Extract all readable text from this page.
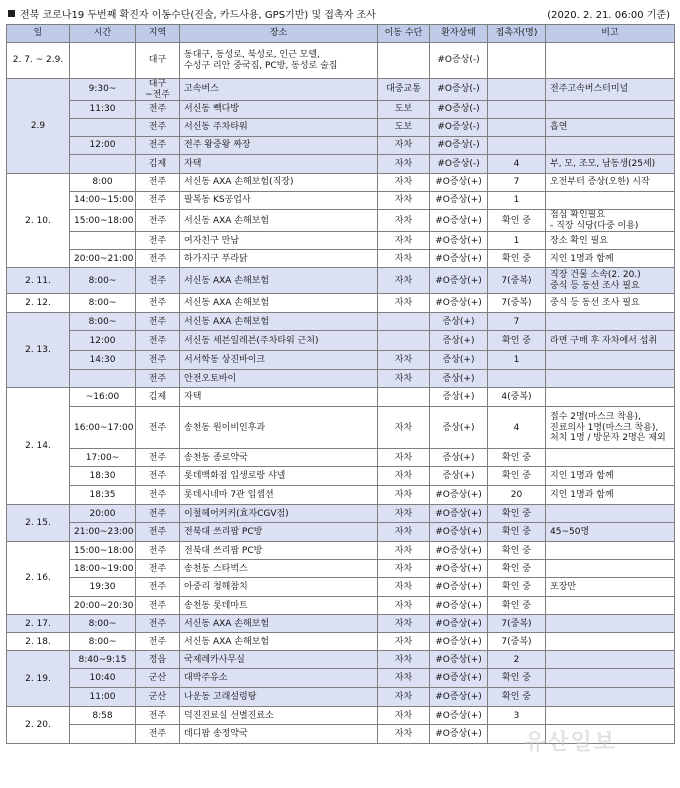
전북 코로나19 두번째 확진자 이동수단(진술, 카드사용, GPS기반) 및 접촉자 조사	(2020. 2. 21. 06:00 기준)
일	시간	지역	장소	이동 수단	환자상태	접촉자(명)	비고
2. 7. ~ 2.9.		대구	동대구, 동성로, 북성로, 인근 모텔,
수성구 리안 중국집, PC방, 동성로 술집		#O증상(-)		
2.9	9:30~	대구
~전주	고속버스	대중교통	#O증상(-)		전주고속버스터미널
	11:30	전주	서신동 빽다방	도보	#O증상(-)		
		전주	서신동 주차타워	도보	#O증상(-)		흡연
	12:00	전주	전주 왕중왕 짜장	자차	#O증상(-)		
		김제	자택	자차	#O증상(-)	4	부, 모, 조모, 남동생(25세)
2. 10.	8:00	전주	서신동 AXA 손해보험(직장)	자차	#O증상(+)	7	오전부터 증상(오한) 시작
	14:00~15:00	전주	팔복동 KS공업사	자차	#O증상(+)	1	
	15:00~18:00	전주	서신동 AXA 손해보험	자차	#O증상(+)	확인 중	점심 확인필요
- 직장 식당(다중 이용)
		전주	여자친구 만남	자차	#O증상(+)	1	장소 확인 필요
	20:00~21:00	전주	하가지구 푸라닭	자차	#O증상(+)	확인 중	지인 1명과 함께
2. 11.	8:00~	전주	서신동 AXA 손해보험	자차	#O증상(+)	7(중복)	직장 건물 소속(2. 20.)
중식 등 동선 조사 필요
2. 12.	8:00~	전주	서신동 AXA 손해보험	자차	#O증상(+)	7(중복)	중식 등 동선 조사 필요
2. 13.	8:00~	전주	서신동 AXA 손해보험		증상(+)	7	
	12:00	전주	서신동 세븐일레븐(주차타워 근처)		증상(+)	확인 중	라면 구매 후 자차에서 섭취
	14:30	전주	서서학동 상진바이크	자차	증상(+)	1	
		전주	안전오토바이	자차	증상(+)		
2. 14.	~16:00	김제	자택		증상(+)	4(중복)	
	16:00~17:00	전주	송천동 원이비인후과	자차	증상(+)	4	접수 2명(마스크 착용),
진료의사 1명(마스크 착용),
처치 1명 / 방문자 2명은 제외
	17:00~	전주	송천동 종로약국	자차	증상(+)	확인 중	
	18:30	전주	롯데백화점 입생로랑 샤넬	자차	증상(+)	확인 중	지인 1명과 함께
	18:35	전주	롯데시네마 7관 입셉션	자차	#O증상(+)	20	지인 1명과 함께
2. 15.	20:00	전주	이철헤어커커(효자CGV점)	자차	#O증상(+)	확인 중	
	21:00~23:00	전주	전북대 쓰리팝 PC방	자차	#O증상(+)	확인 중	45~50명
2. 16.	15:00~18:00	전주	전북대 쓰리팝 PC방	자차	#O증상(+)	확인 중	
	18:00~19:00	전주	송천동 스타벅스	자차	#O증상(+)	확인 중	
	19:30	전주	아중리 청해참치	자차	#O증상(+)	확인 중	포장만
	20:00~20:30	전주	송천동 롯데마트	자차	#O증상(+)	확인 중	
2. 17.	8:00~	전주	서신동 AXA 손해보험	자차	#O증상(+)	7(중복)	
2. 18.	8:00~	전주	서신동 AXA 손해보험	자차	#O증상(+)	7(중복)	
2. 19.	8:40~9:15	정읍	국제레카사무실	자차	#O증상(+)	2	
	10:40	군산	대박주유소	자차	#O증상(+)	확인 중	
	11:00	군산	나운동 고래설렁탕	자차	#O증상(+)	확인 중	
2. 20.	8:58	전주	덕진진료실 선별진료소	자차	#O증상(+)	3	
		전주	데디팜 송정약국	자차	#O증상(+)		유산일보
